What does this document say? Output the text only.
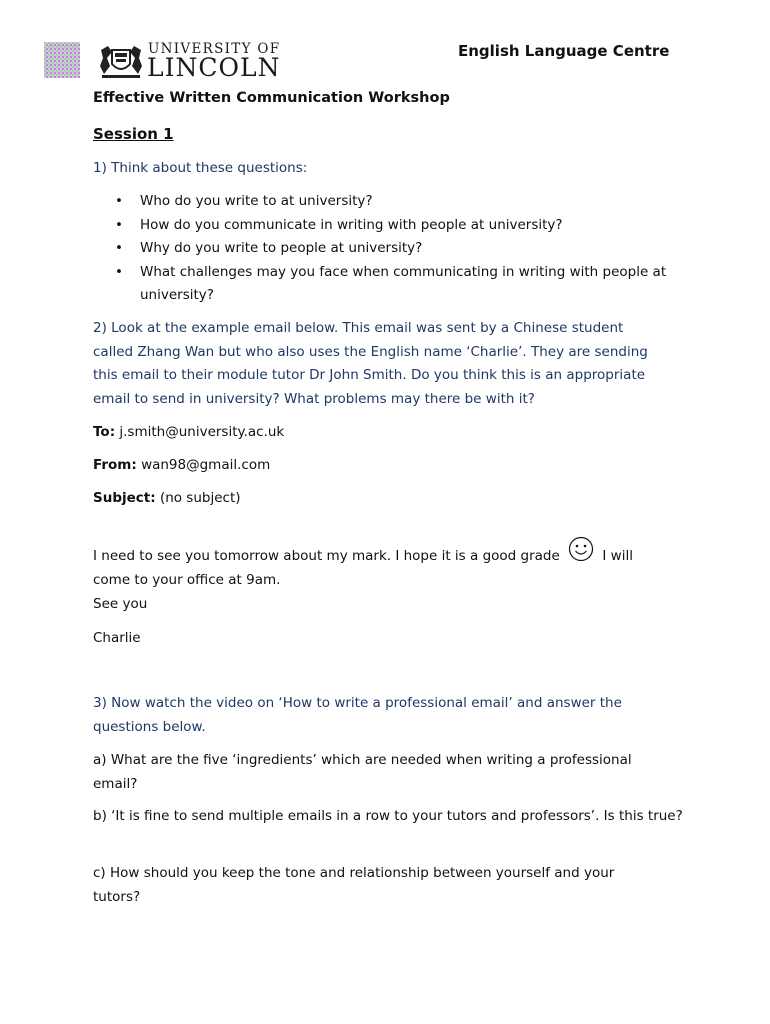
UNIVERSITY OF
LINCOLN
English Language Centre
Effective Written Communication Workshop
Session 1
1) Think about these questions:
• Who do you write to at university?
• How do you communicate in writing with people at university?
• Why do you write to people at university?
• What challenges may you face when communicating in writing with people at university?
2) Look at the example email below. This email was sent by a Chinese student called Zhang Wan but who also uses the English name ‘Charlie’. They are sending this email to their module tutor Dr John Smith. Do you think this is an appropriate email to send in university? What problems may there be with it?
To: j.smith@university.ac.uk
From: wan98@gmail.com
Subject: (no subject)
I need to see you tomorrow about my mark. I hope it is a good grade	I will come to your office at 9am.
See you
Charlie
3) Now watch the video on ‘How to write a professional email’ and answer the questions below.
a) What are the five ‘ingredients’ which are needed when writing a professional email?
b) ‘It is fine to send multiple emails in a row to your tutors and professors’. Is this true?
c) How should you keep the tone and relationship between yourself and your tutors?
